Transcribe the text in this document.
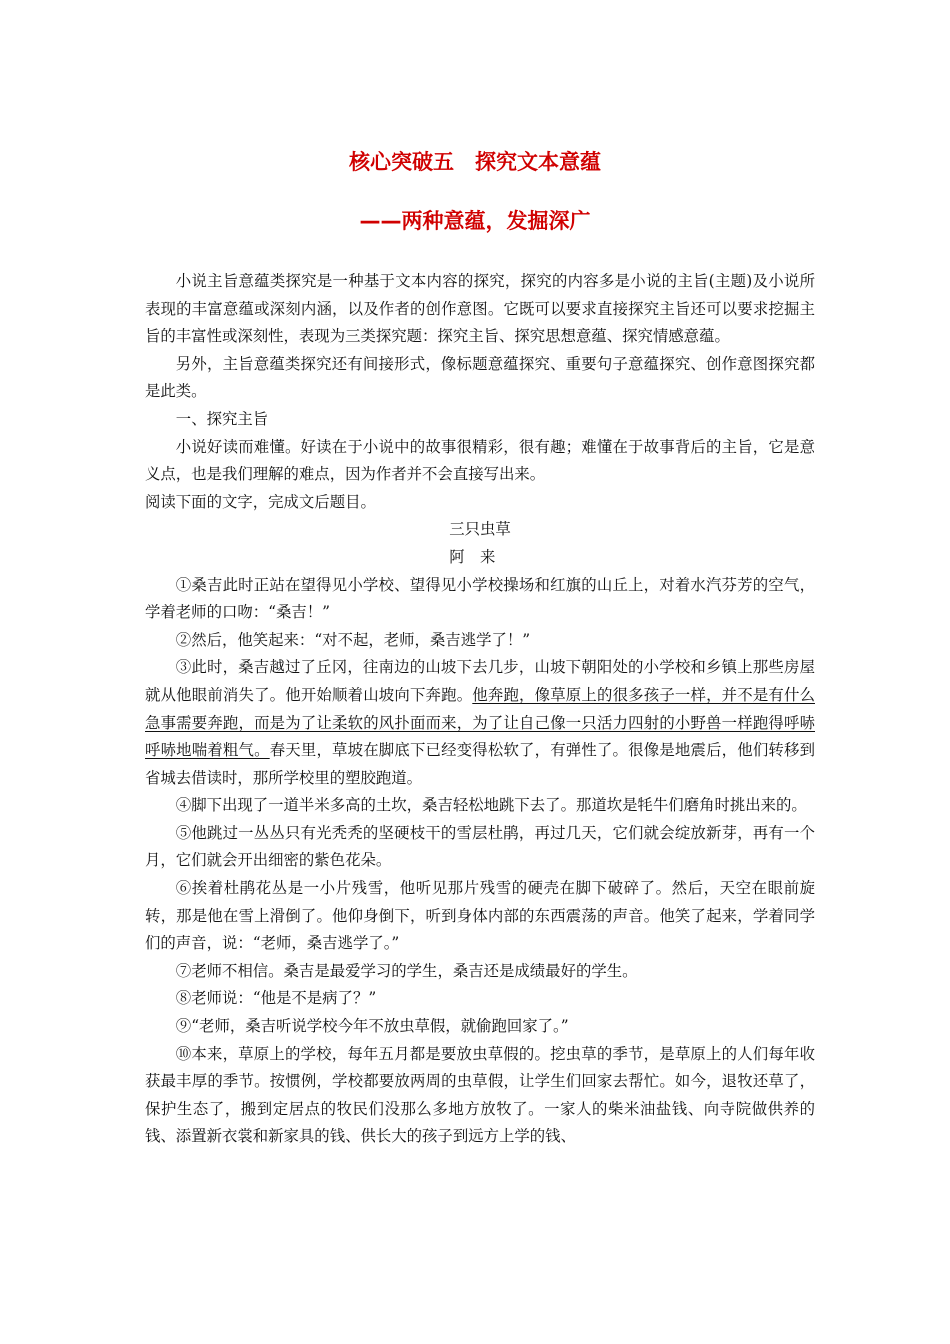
核心突破五　探究文本意蕴
——两种意蕴，发掘深广

小说主旨意蕴类探究是一种基于文本内容的探究，探究的内容多是小说的主旨(主题)及小说所表现的丰富意蕴或深刻内涵，以及作者的创作意图。它既可以要求直接探究主旨还可以要求挖掘主旨的丰富性或深刻性，表现为三类探究题：探究主旨、探究思想意蕴、探究情感意蕴。

另外，主旨意蕴类探究还有间接形式，像标题意蕴探究、重要句子意蕴探究、创作意图探究都是此类。

一、探究主旨

小说好读而难懂。好读在于小说中的故事很精彩，很有趣；难懂在于故事背后的主旨，它是意义点，也是我们理解的难点，因为作者并不会直接写出来。

阅读下面的文字，完成文后题目。

三只虫草

阿来

①桑吉此时正站在望得见小学校、望得见小学校操场和红旗的山丘上，对着水汽芬芳的空气，学着老师的口吻：“桑吉！”

②然后，他笑起来：“对不起，老师，桑吉逃学了！”

③此时，桑吉越过了丘冈，往南边的山坡下去几步，山坡下朝阳处的小学校和乡镇上那些房屋就从他眼前消失了。他开始顺着山坡向下奔跑。他奔跑，像草原上的很多孩子一样，并不是有什么急事需要奔跑，而是为了让柔软的风扑面而来，为了让自己像一只活力四射的小野兽一样跑得呼哧呼哧地喘着粗气。春天里，草坡在脚底下已经变得松软了，有弹性了。很像是地震后，他们转移到省城去借读时，那所学校里的塑胶跑道。

④脚下出现了一道半米多高的土坎，桑吉轻松地跳下去了。那道坎是牦牛们磨角时挑出来的。

⑤他跳过一丛丛只有光秃秃的坚硬枝干的雪层杜鹃，再过几天，它们就会绽放新芽，再有一个月，它们就会开出细密的紫色花朵。

⑥挨着杜鹃花丛是一小片残雪，他听见那片残雪的硬壳在脚下破碎了。然后，天空在眼前旋转，那是他在雪上滑倒了。他仰身倒下，听到身体内部的东西震荡的声音。他笑了起来，学着同学们的声音，说：“老师，桑吉逃学了。”

⑦老师不相信。桑吉是最爱学习的学生，桑吉还是成绩最好的学生。

⑧老师说：“他是不是病了？”

⑨“老师，桑吉听说学校今年不放虫草假，就偷跑回家了。”

⑩本来，草原上的学校，每年五月都是要放虫草假的。挖虫草的季节，是草原上的人们每年收获最丰厚的季节。按惯例，学校都要放两周的虫草假，让学生们回家去帮忙。如今，退牧还草了，保护生态了，搬到定居点的牧民们没那么多地方放牧了。一家人的柴米油盐钱、向寺院做供养的钱、添置新衣裳和新家具的钱、供长大的孩子到远方上学的钱、
